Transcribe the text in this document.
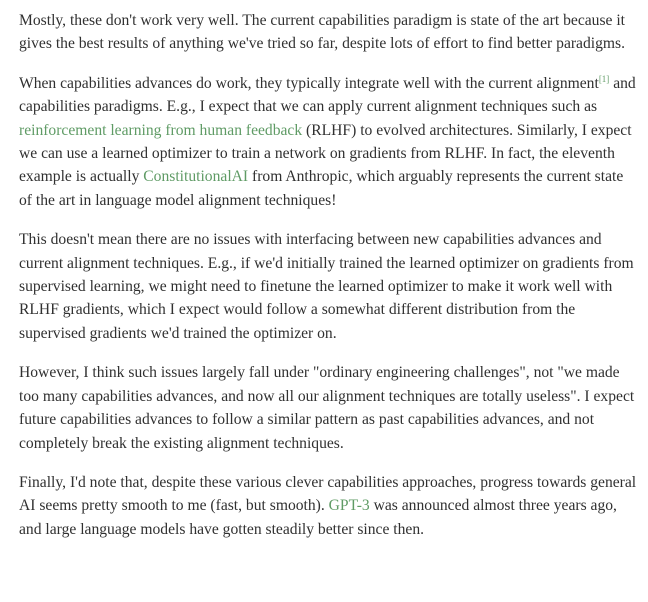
Mostly, these don't work very well. The current capabilities paradigm is state of the art because it gives the best results of anything we've tried so far, despite lots of effort to find better paradigms.

When capabilities advances do work, they typically integrate well with the current alignment[1] and capabilities paradigms. E.g., I expect that we can apply current alignment techniques such as reinforcement learning from human feedback (RLHF) to evolved architectures. Similarly, I expect we can use a learned optimizer to train a network on gradients from RLHF. In fact, the eleventh example is actually ConstitutionalAI from Anthropic, which arguably represents the current state of the art in language model alignment techniques!

This doesn't mean there are no issues with interfacing between new capabilities advances and current alignment techniques. E.g., if we'd initially trained the learned optimizer on gradients from supervised learning, we might need to finetune the learned optimizer to make it work well with RLHF gradients, which I expect would follow a somewhat different distribution from the supervised gradients we'd trained the optimizer on.

However, I think such issues largely fall under "ordinary engineering challenges", not "we made too many capabilities advances, and now all our alignment techniques are totally useless". I expect future capabilities advances to follow a similar pattern as past capabilities advances, and not completely break the existing alignment techniques.

Finally, I'd note that, despite these various clever capabilities approaches, progress towards general AI seems pretty smooth to me (fast, but smooth). GPT-3 was announced almost three years ago, and large language models have gotten steadily better since then.
